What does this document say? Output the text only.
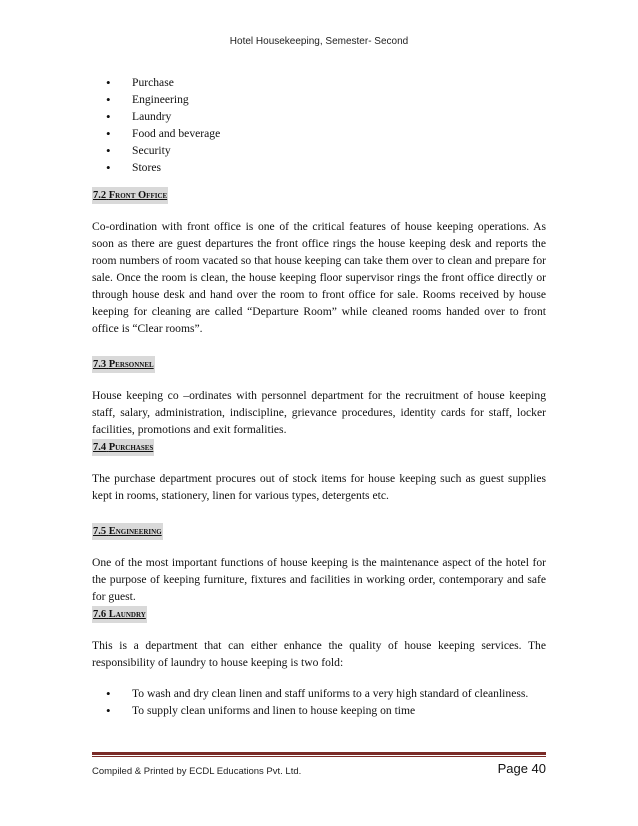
Hotel Housekeeping, Semester- Second
• Purchase
• Engineering
• Laundry
• Food and beverage
• Security
• Stores
7.2 Front Office

Co-ordination with front office is one of the critical features of house keeping operations. As soon as there are guest departures the front office rings the house keeping desk and reports the room numbers of room vacated so that house keeping can take them over to clean and prepare for sale. Once the room is clean, the house keeping floor supervisor rings the front office directly or through house desk and hand over the room to front office for sale. Rooms received by house keeping for cleaning are called “Departure Room” while cleaned rooms handed over to front office is “Clear rooms”.

7.3 Personnel

House keeping co –ordinates with personnel department for the recruitment of house keeping staff, salary, administration, indiscipline, grievance procedures, identity cards for staff, locker facilities, promotions and exit formalities.

7.4 Purchases

The purchase department procures out of stock items for house keeping such as guest supplies kept in rooms, stationery, linen for various types, detergents etc.

7.5 Engineering

One of the most important functions of house keeping is the maintenance aspect of the hotel for the purpose of keeping furniture, fixtures and facilities in working order, contemporary and safe for guest.

7.6 Laundry

This is a department that can either enhance the quality of house keeping services. The responsibility of laundry to house keeping is two fold:

• To wash and dry clean linen and staff uniforms to a very high standard of cleanliness.
• To supply clean uniforms and linen to house keeping on time
Compiled & Printed by ECDL Educations Pvt. Ltd.	Page 40
